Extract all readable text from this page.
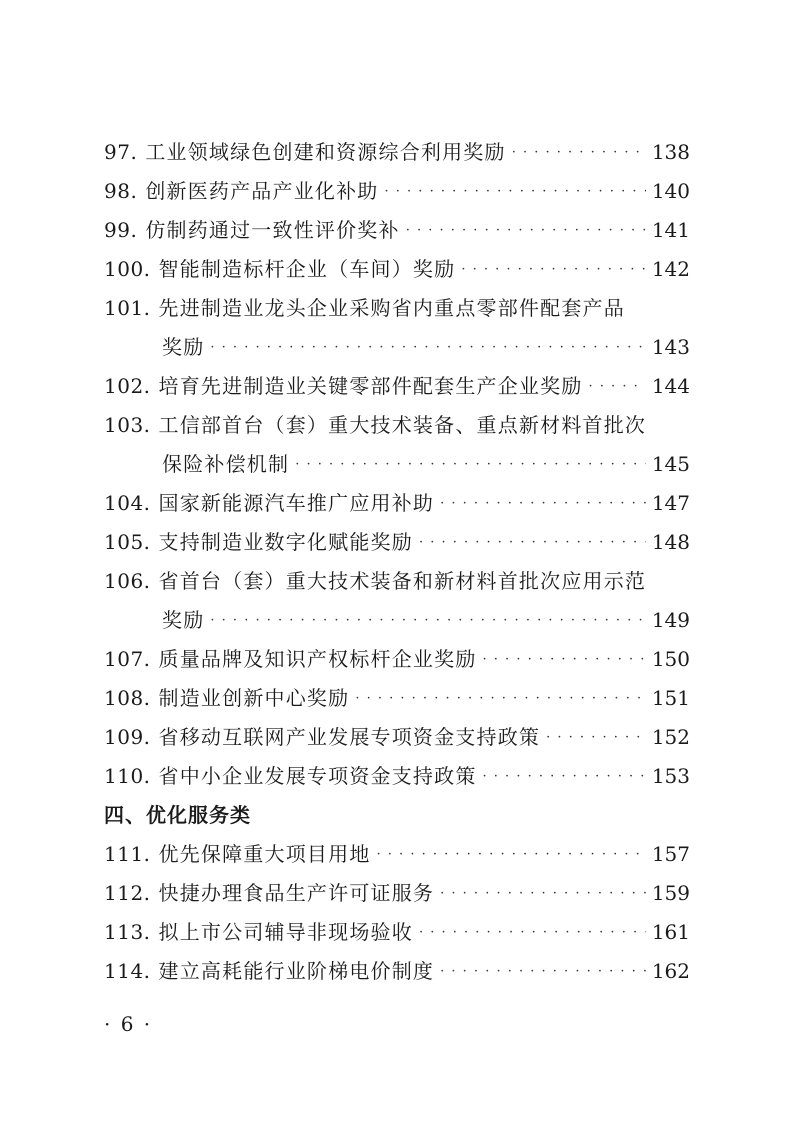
97. 工业领域绿色创建和资源综合利用奖励 · · ·	138
98. 创新医药产品产业化补助 · · ·	140
99. 仿制药通过一致性评价奖补 · · ·	141
100. 智能制造标杆企业（车间）奖励 · · ·	142
101. 先进制造业龙头企业采购省内重点零部件配套产品
奖励 · · ·	143
102. 培育先进制造业关键零部件配套生产企业奖励 · · ·	144
103. 工信部首台（套）重大技术装备、重点新材料首批次
保险补偿机制 · · ·	145
104. 国家新能源汽车推广应用补助 · · ·	147
105. 支持制造业数字化赋能奖励 · · ·	148
106. 省首台（套）重大技术装备和新材料首批次应用示范
奖励 · · ·	149
107. 质量品牌及知识产权标杆企业奖励 · · ·	150
108. 制造业创新中心奖励 · · ·	151
109. 省移动互联网产业发展专项资金支持政策 · · ·	152
110. 省中小企业发展专项资金支持政策 · · ·	153
四、优化服务类
111. 优先保障重大项目用地 · · ·	157
112. 快捷办理食品生产许可证服务 · · ·	159
113. 拟上市公司辅导非现场验收 · · ·	161
114. 建立高耗能行业阶梯电价制度 · · ·	162
· 6 ·
